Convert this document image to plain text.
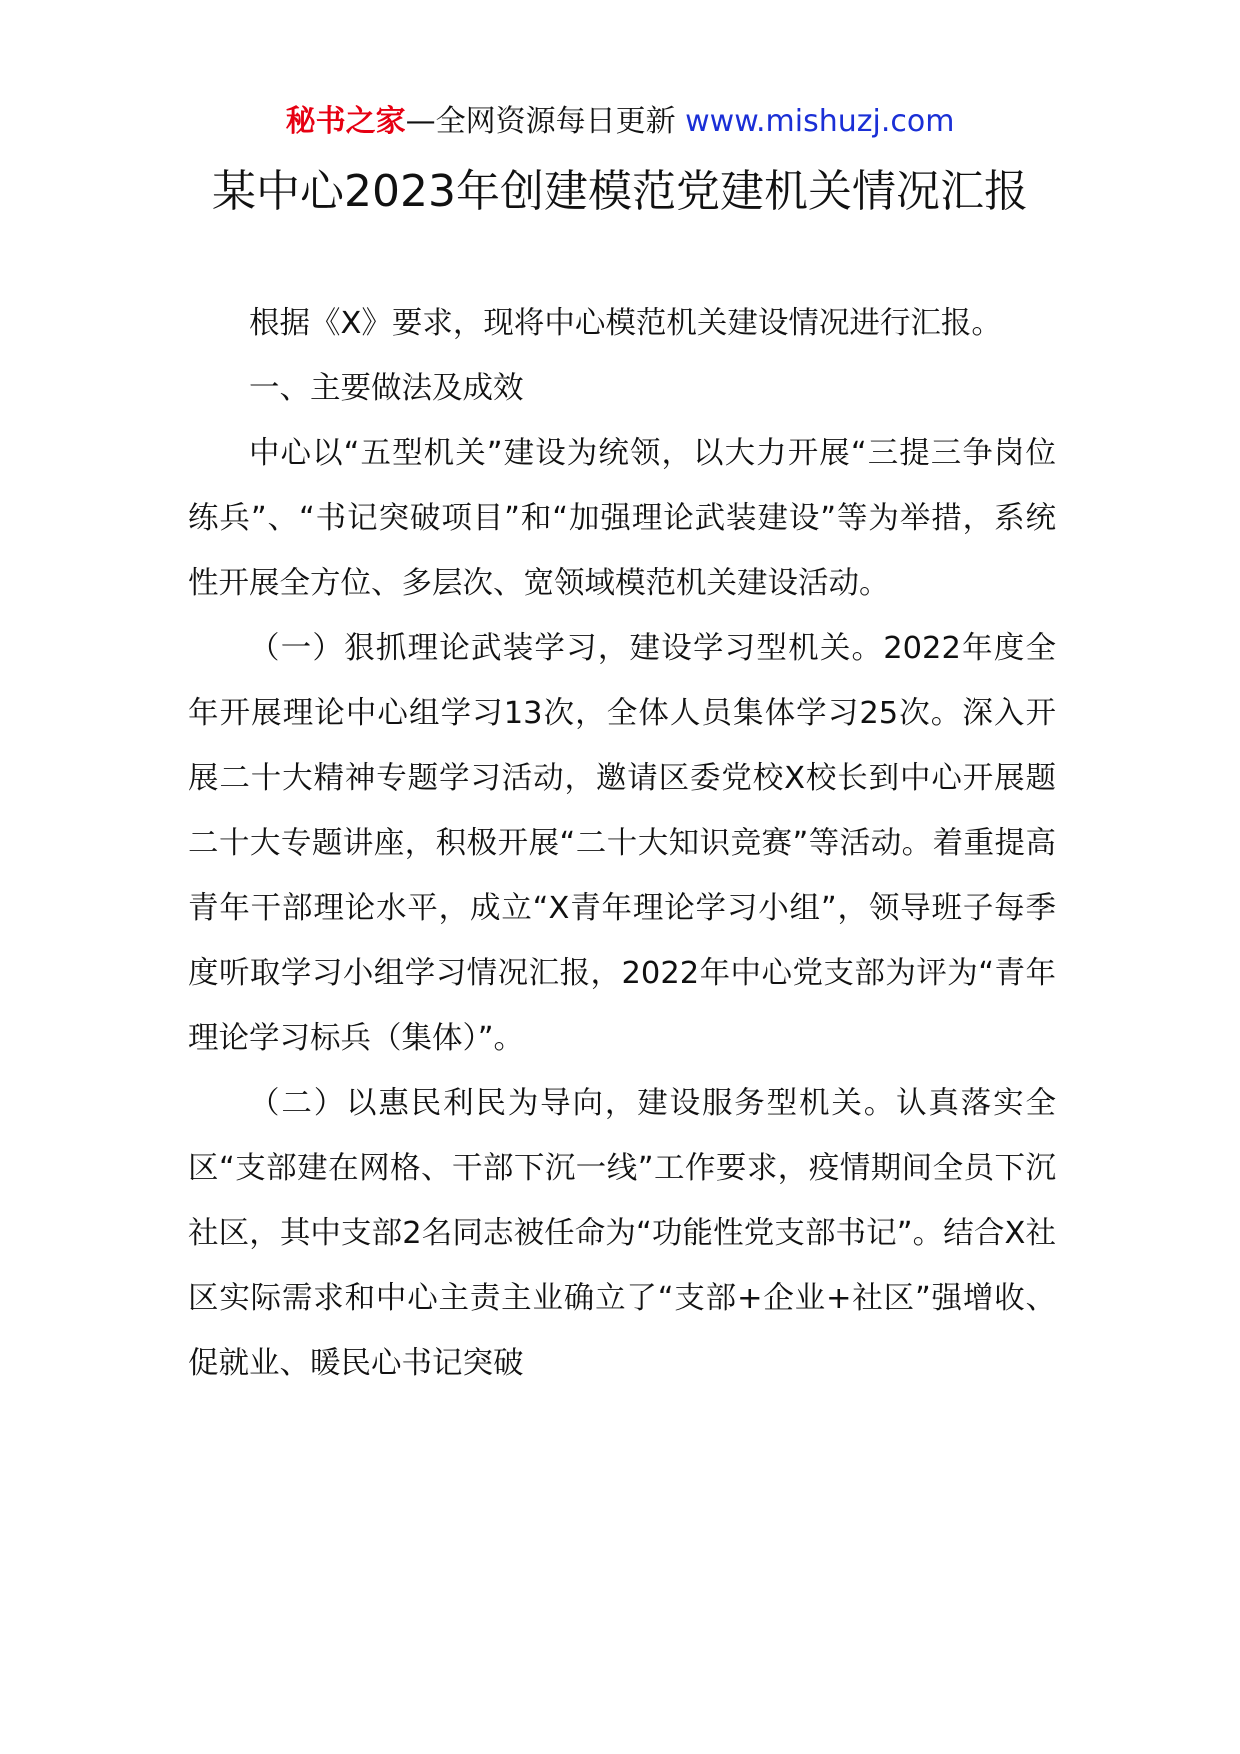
秘书之家—全网资源每日更新 www.mishuzj.com
某中心2023年创建模范党建机关情况汇报

根据《X》要求，现将中心模范机关建设情况进行汇报。

一、主要做法及成效

中心以“五型机关”建设为统领，以大力开展“三提三争岗位练兵”、“书记突破项目”和“加强理论武装建设”等为举措，系统性开展全方位、多层次、宽领域模范机关建设活动。

（一）狠抓理论武装学习，建设学习型机关。2022年度全年开展理论中心组学习13次，全体人员集体学习25次。深入开展二十大精神专题学习活动，邀请区委党校X校长到中心开展题二十大专题讲座，积极开展“二十大知识竞赛”等活动。着重提高青年干部理论水平，成立“X青年理论学习小组”，领导班子每季度听取学习小组学习情况汇报，2022年中心党支部为评为“青年理论学习标兵（集体）”。

（二）以惠民利民为导向，建设服务型机关。认真落实全区“支部建在网格、干部下沉一线”工作要求，疫情期间全员下沉社区，其中支部2名同志被任命为“功能性党支部书记”。结合X社区实际需求和中心主责主业确立了“支部+企业+社区”强增收、促就业、暖民心书记突破
